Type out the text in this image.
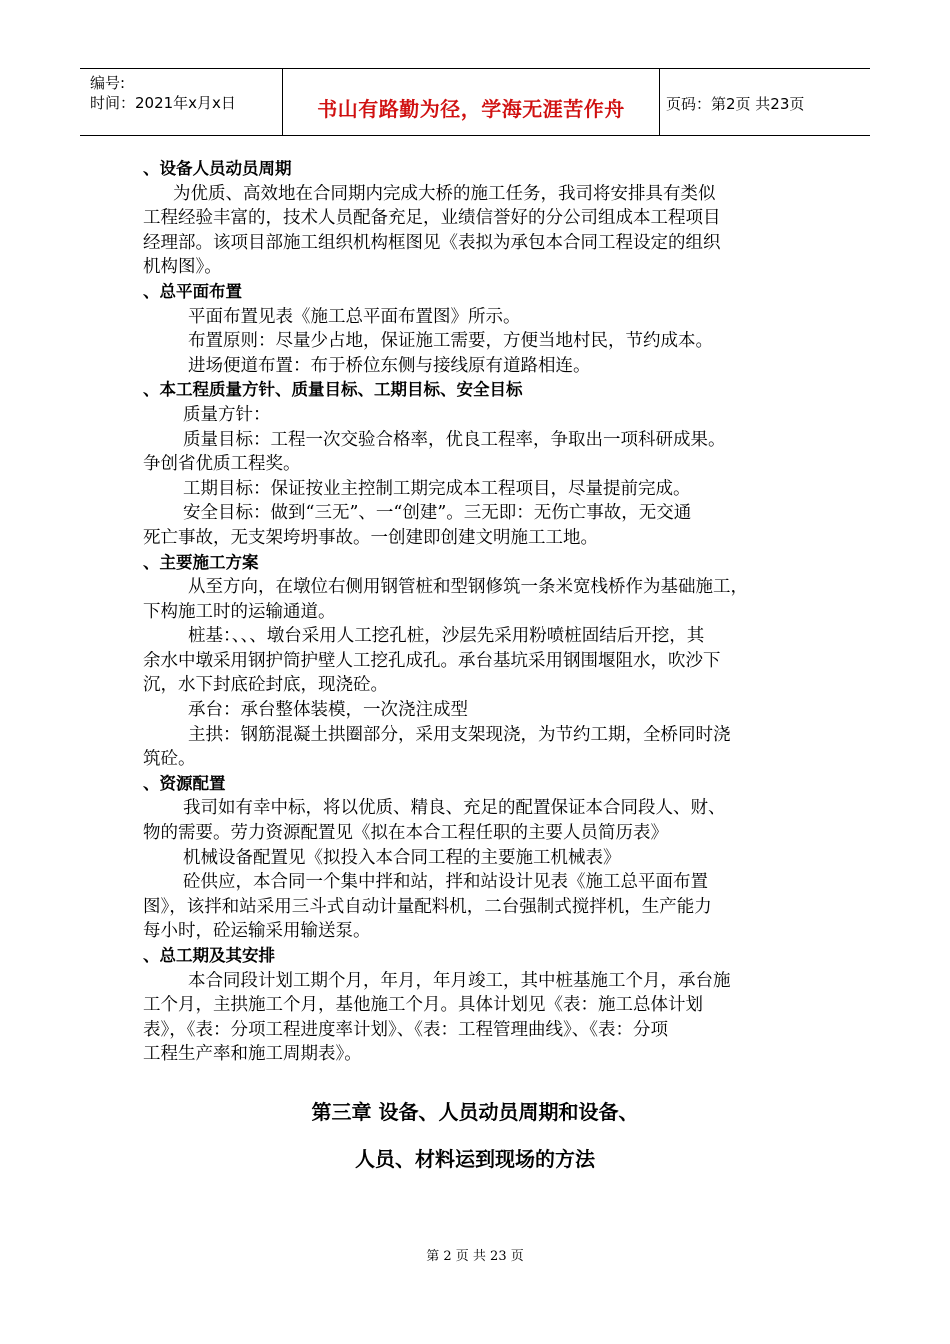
编号:
时间：2021年x月x日	书山有路勤为径，学海无涯苦作舟	页码：第2页 共23页
、设备人员动员周期
为优质、高效地在合同期内完成大桥的施工任务，我司将安排具有类似
工程经验丰富的，技术人员配备充足，业绩信誉好的分公司组成本工程项目
经理部。该项目部施工组织机构框图见《表拟为承包本合同工程设定的组织
机构图》。
、总平面布置
平面布置见表《施工总平面布置图》所示。
布置原则：尽量少占地，保证施工需要，方便当地村民，节约成本。
进场便道布置：布于桥位东侧与接线原有道路相连。
、本工程质量方针、质量目标、工期目标、安全目标
质量方针：
质量目标：工程一次交验合格率，优良工程率，争取出一项科研成果。
争创省优质工程奖。
工期目标：保证按业主控制工期完成本工程项目，尽量提前完成。
安全目标：做到“三无”、一“创建”。三无即：无伤亡事故，无交通
死亡事故，无支架垮坍事故。一创建即创建文明施工工地。
、主要施工方案
从至方向，在墩位右侧用钢管桩和型钢修筑一条米宽栈桥作为基础施工，
下构施工时的运输通道。
桩基：、、、墩台采用人工挖孔桩，沙层先采用粉喷桩固结后开挖，其
余水中墩采用钢护筒护壁人工挖孔成孔。承台基坑采用钢围堰阻水，吹沙下
沉，水下封底砼封底，现浇砼。
承台：承台整体装模，一次浇注成型
主拱：钢筋混凝土拱圈部分，采用支架现浇，为节约工期，全桥同时浇
筑砼。
、资源配置
我司如有幸中标，将以优质、精良、充足的配置保证本合同段人、财、
物的需要。劳力资源配置见《拟在本合工程任职的主要人员简历表》
机械设备配置见《拟投入本合同工程的主要施工机械表》
砼供应，本合同一个集中拌和站，拌和站设计见表《施工总平面布置
图》，该拌和站采用三斗式自动计量配料机，二台强制式搅拌机，生产能力
每小时，砼运输采用输送泵。
、总工期及其安排
本合同段计划工期个月，年月，年月竣工，其中桩基施工个月，承台施
工个月，主拱施工个月，基他施工个月。具体计划见《表：施工总体计划
表》，《表：分项工程进度率计划》、《表：工程管理曲线》、《表：分项
工程生产率和施工周期表》。
第三章 设备、人员动员周期和设备、
人员、材料运到现场的方法
第 2 页 共 23 页
